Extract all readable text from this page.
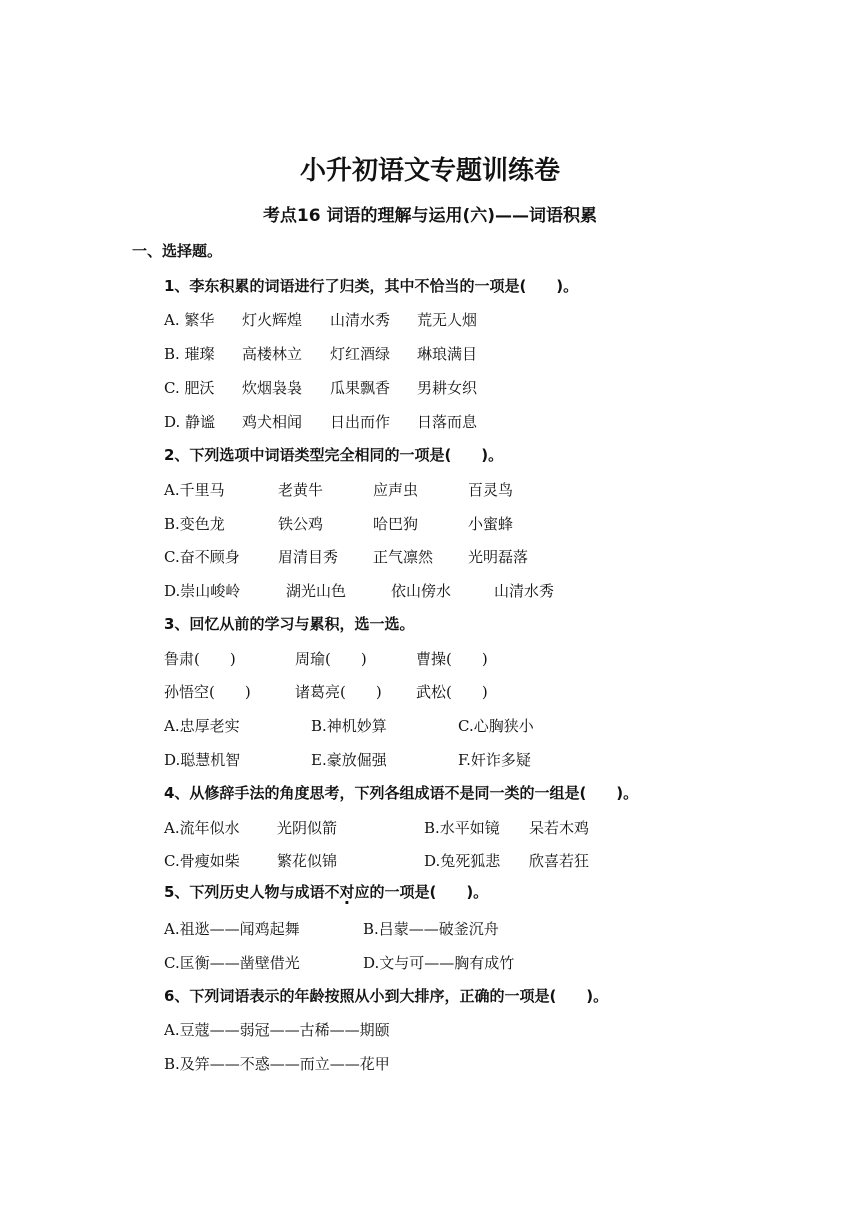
小升初语文专题训练卷
考点16 词语的理解与运用(六)——词语积累
一、选择题。
1、李东积累的词语进行了归类，其中不恰当的一项是(　　)。
A. 繁华 灯火辉煌 山清水秀 荒无人烟
B. 璀璨 高楼林立 灯红酒绿 琳琅满目
C. 肥沃 炊烟袅袅 瓜果飘香 男耕女织
D. 静谧 鸡犬相闻 日出而作 日落而息
2、下列选项中词语类型完全相同的一项是(　　)。
A.千里马	老黄牛	应声虫	百灵鸟
B.变色龙	铁公鸡	哈巴狗	小蜜蜂
C.奋不顾身	眉清目秀 正气凛然 光明磊落
D.崇山峻岭	湖光山色	依山傍水	山清水秀
3、回忆从前的学习与累积，选一选。
鲁肃(　　)	周瑜(　　)	曹操(　　)
孙悟空(　　)	诸葛亮(　　) 武松(　　)
A.忠厚老实	B.神机妙算	C.心胸狭小
D.聪慧机智	E.豪放倔强	F.奸诈多疑
4、从修辞手法的角度思考，下列各组成语不是同一类的一组是(　　)。
A.流年似水 光阴似箭	B.水平如镜 呆若木鸡
C.骨瘦如柴 繁花似锦	D.兔死狐悲 欣喜若狂
5、下列历史人物与成语不对应的一项是(　　)。
A.祖逖——闻鸡起舞	B.吕蒙——破釜沉舟
C.匡衡——凿壁借光	D.文与可——胸有成竹
6、下列词语表示的年龄按照从小到大排序，正确的一项是(　　)。
A.豆蔻——弱冠——古稀——期颐
B.及笄——不惑——而立——花甲
